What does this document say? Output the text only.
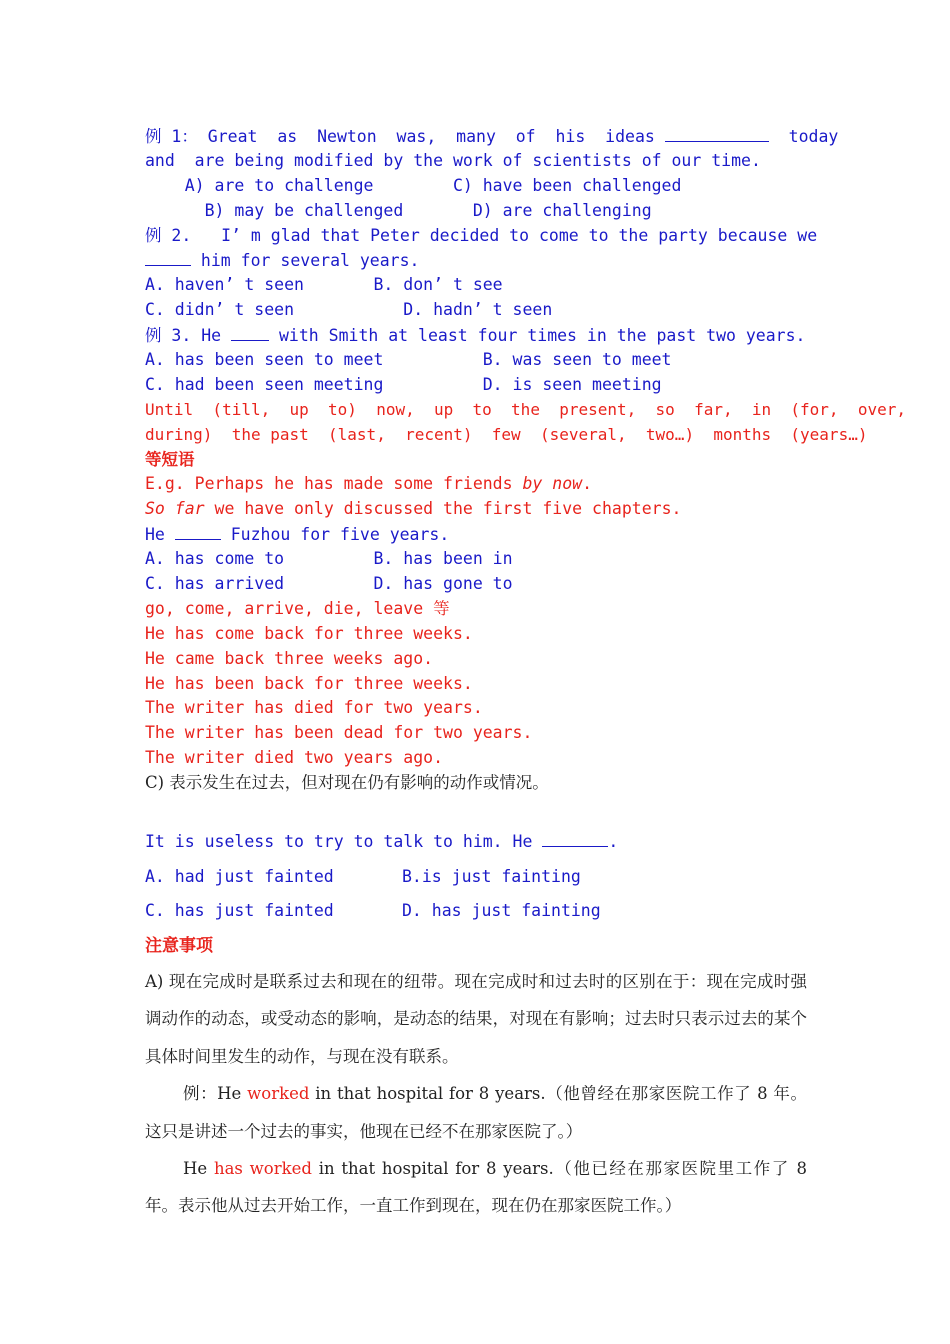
例 1： Great  as  Newton  was,  many  of  his  ideas	today
and  are being modified by the work of scientists of our time.
A) are to challenge        C) have been challenged
B) may be challenged       D) are challenging
例 2.   I’ m glad that Peter decided to come to the party because we
him for several years.
A. haven’ t seen       B. don’ t see
C. didn’ t seen           D. hadn’ t seen
例 3. He  with Smith at least four times in the past two years.
A. has been seen to meet          B. was seen to meet
C. had been seen meeting          D. is seen meeting
Until  (till,  up  to)  now,  up  to  the  present,  so  far,  in  (for,  over,
during)  the past  (last,  recent)  few  (several,  two…)  months  (years…)
等短语
E.g. Perhaps he has made some friends by now.
So far we have only discussed the first five chapters.
He	Fuzhou for five years.
A. has come to         B. has been in
C. has arrived         D. has gone to
go, come, arrive, die, leave 等
He has come back for three weeks.
He came back three weeks ago.
He has been back for three weeks.
The writer has died for two years.
The writer has been dead for two years.
The writer died two years ago.
C) 表示发生在过去，但对现在仍有影响的动作或情况。
It is useless to try to talk to him. He	.
A. had just fainted	B.is just fainting
C. has just fainted	D. has just fainting
注意事项
A) 现在完成时是联系过去和现在的纽带。现在完成时和过去时的区别在于：现在完成时强调动作的动态，或受动态的影响，是动态的结果，对现在有影响；过去时只表示过去的某个具体时间里发生的动作，与现在没有联系。
例：He worked in that hospital for 8 years.（他曾经在那家医院工作了 8 年。这只是讲述一个过去的事实，他现在已经不在那家医院了。）
He has worked in that hospital for 8 years.（他已经在那家医院里工作了 8 年。表示他从过去开始工作，一直工作到现在，现在仍在那家医院工作。）
